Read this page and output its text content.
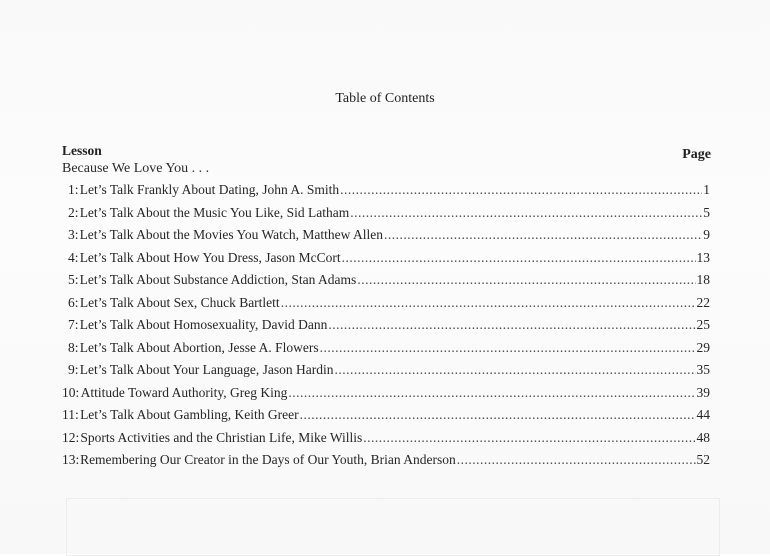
Table of Contents
Lesson	Page
Because We Love You . . .
1: Let’s Talk Frankly About Dating, John A. Smith .....	1
2: Let’s Talk About the Music You Like, Sid Latham .....	5
3: Let’s Talk About the Movies You Watch, Matthew Allen .....	9
4: Let’s Talk About How You Dress, Jason McCort .....	13
5: Let’s Talk About Substance Addiction, Stan Adams .....	18
6: Let’s Talk About Sex, Chuck Bartlett .....	22
7: Let’s Talk About Homosexuality, David Dann .....	25
8: Let’s Talk About Abortion, Jesse A. Flowers .....	29
9: Let’s Talk About Your Language, Jason Hardin .....	35
10: Attitude Toward Authority, Greg King .....	39
11: Let’s Talk About Gambling, Keith Greer .....	44
12: Sports Activities and the Christian Life, Mike Willis .....	48
13: Remembering Our Creator in the Days of Our Youth, Brian Anderson .....	52
